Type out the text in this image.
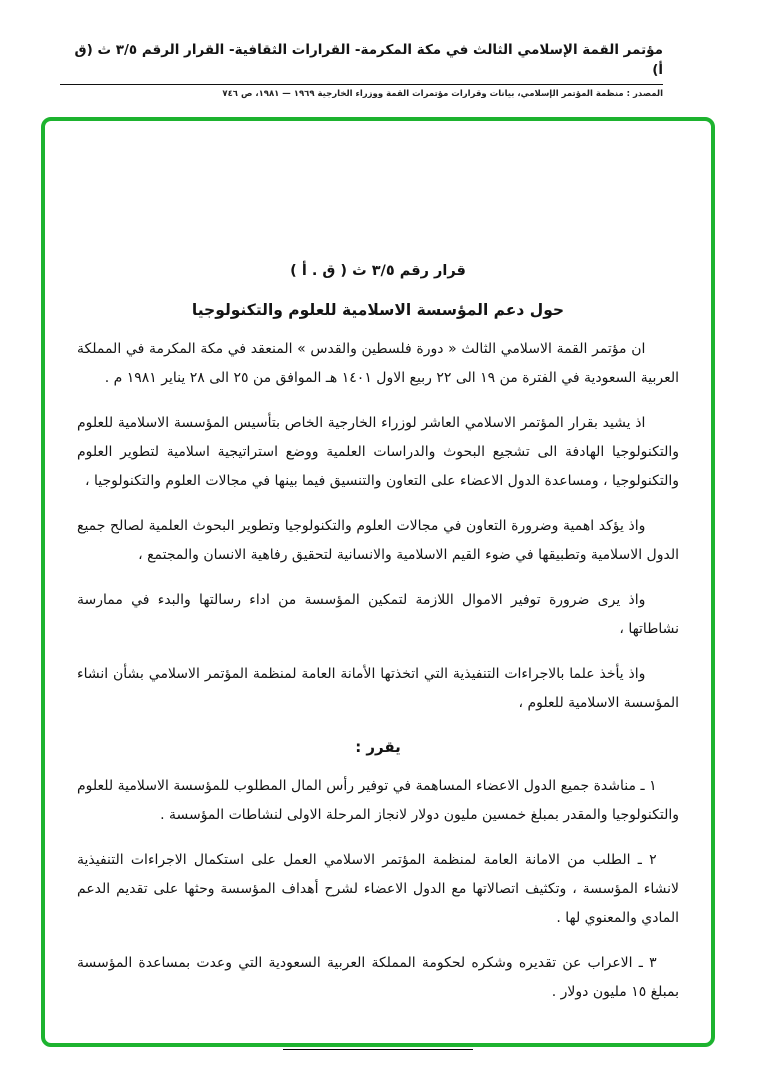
مؤتمر القمة الإسلامي الثالث في مكة المكرمة- القرارات الثقافية- القرار الرقم ٣/٥ ث (ق أ)
المصدر : منظمة المؤتمر الإسلامي، بيانات وقرارات مؤتمرات القمة ووزراء الخارجية ١٩٦٩ — ١٩٨١، ص ٧٤٦
قرار رقم ٣/٥ ث ( ق . أ )
حول دعم المؤسسة الاسلامية للعلوم والتكنولوجيا

ان مؤتمر القمة الاسلامي الثالث « دورة فلسطين والقدس » المنعقد في مكة المكرمة في المملكة العربية السعودية في الفترة من ١٩ الى ٢٢ ربيع الاول ١٤٠١ هـ الموافق من ٢٥ الى ٢٨ يناير ١٩٨١ م .

اذ يشيد بقرار المؤتمر الاسلامي العاشر لوزراء الخارجية الخاص بتأسيس المؤسسة الاسلامية للعلوم والتكنولوجيا الهادفة الى تشجيع البحوث والدراسات العلمية ووضع استراتيجية اسلامية لتطوير العلوم والتكنولوجيا ، ومساعدة الدول الاعضاء على التعاون والتنسيق فيما بينها في مجالات العلوم والتكنولوجيا ،

واذ يؤكد اهمية وضرورة التعاون في مجالات العلوم والتكنولوجيا وتطوير البحوث العلمية لصالح جميع الدول الاسلامية وتطبيقها في ضوء القيم الاسلامية والانسانية لتحقيق رفاهية الانسان والمجتمع ،

واذ يرى ضرورة توفير الاموال اللازمة لتمكين المؤسسة من اداء رسالتها والبدء في ممارسة نشاطاتها ،

واذ يأخذ علما بالاجراءات التنفيذية التي اتخذتها الأمانة العامة لمنظمة المؤتمر الاسلامي بشأن انشاء المؤسسة الاسلامية للعلوم ،

يقرر :

١ ـ مناشدة جميع الدول الاعضاء المساهمة في توفير رأس المال المطلوب للمؤسسة الاسلامية للعلوم والتكنولوجيا والمقدر بمبلغ خمسين مليون دولار لانجاز المرحلة الاولى لنشاطات المؤسسة .

٢ ـ الطلب من الامانة العامة لمنظمة المؤتمر الاسلامي العمل على استكمال الاجراءات التنفيذية لانشاء المؤسسة ، وتكثيف اتصالاتها مع الدول الاعضاء لشرح أهداف المؤسسة وحثها على تقديم الدعم المادي والمعنوي لها .

٣ ـ الاعراب عن تقديره وشكره لحكومة المملكة العربية السعودية التي وعدت بمساعدة المؤسسة بمبلغ ١٥ مليون دولار .
